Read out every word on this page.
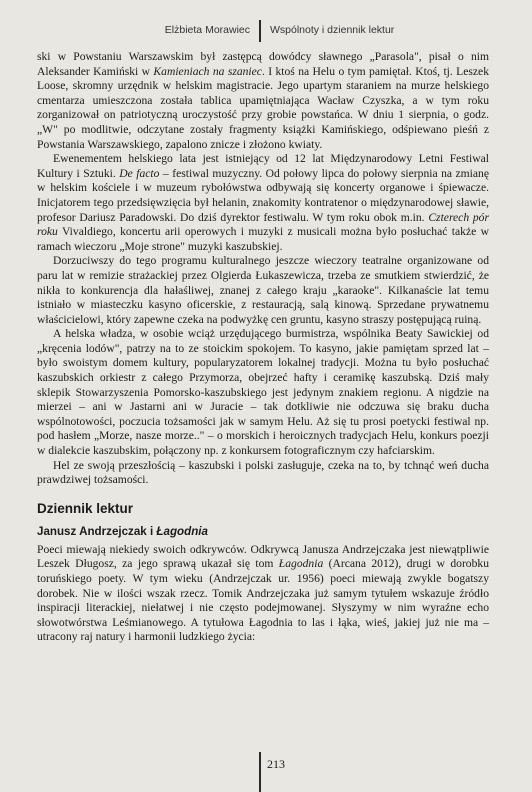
Elżbieta Morawiec Wspólnoty i dziennik lektur

ski w Powstaniu Warszawskim był zastępcą dowódcy sławnego „Parasola", pisał o nim Aleksander Kamiński w Kamieniach na szaniec. I ktoś na Helu o tym pamiętał. Ktoś, tj. Leszek Loose, skromny urzędnik w helskim magistracie. Jego upartym staraniem na murze helskiego cmentarza umieszczona została tablica upamiętniająca Wacław Czyszka, a w tym roku zorganizował on patriotyczną uroczystość przy grobie powstańca. W dniu 1 sierpnia, o godz. „W" po modlitwie, odczytane zostały fragmenty książki Kamińskiego, odśpiewano pieśń z Powstania Warszawskiego, zapalono znicze i złożono kwiaty.

Ewenementem helskiego lata jest istniejący od 12 lat Międzynarodowy Letni Festiwal Kultury i Sztuki. De facto – festiwal muzyczny. Od połowy lipca do połowy sierpnia na zmianę w helskim kościele i w muzeum rybołówstwa odbywają się koncerty organowe i śpiewacze. Inicjatorem tego przedsięwzięcia był helanin, znakomity kontratenor o międzynarodowej sławie, profesor Dariusz Paradowski. Do dziś dyrektor festiwalu. W tym roku obok m.in. Czterech pór roku Vivaldiego, koncertu arii operowych i muzyki z musicali można było posłuchać także w ramach wieczoru „Moje strone" muzyki kaszubskiej.

Dorzuciwszy do tego programu kulturalnego jeszcze wieczory teatralne organizowane od paru lat w remizie strażackiej przez Olgierda Łukaszewicza, trzeba ze smutkiem stwierdzić, że nikła to konkurencja dla hałaśliwej, znanej z całego kraju „karaoke". Kilkanaście lat temu istniało w miasteczku kasyno oficerskie, z restauracją, salą kinową. Sprzedane prywatnemu właścicielowi, który zapewne czeka na podwyżkę cen gruntu, kasyno straszy postępującą ruiną.

A helska władza, w osobie wciąż urzędującego burmistrza, wspólnika Beaty Sawickiej od „kręcenia lodów", patrzy na to ze stoickim spokojem. To kasyno, jakie pamiętam sprzed lat – było swoistym domem kultury, popularyzatorem lokalnej tradycji. Można tu było posłuchać kaszubskich orkiestr z całego Przymorza, obejrzeć hafty i ceramikę kaszubską. Dziś mały sklepik Stowarzyszenia Pomorsko-kaszubskiego jest jedynym znakiem regionu. A nigdzie na mierzei – ani w Jastarni ani w Juracie – tak dotkliwie nie odczuwa się braku ducha wspólnotowości, poczucia tożsamości jak w samym Helu. Aż się tu prosi poetycki festiwal np. pod hasłem „Morze, nasze morze.." – o morskich i heroicznych tradycjach Helu, konkurs poezji w dialekcie kaszubskim, połączony np. z konkursem fotograficznym czy hafciarskim.

Hel ze swoją przeszłością – kaszubski i polski zasługuje, czeka na to, by tchnąć weń ducha prawdziwej tożsamości.

Dziennik lektur
Janusz Andrzejczak i Łagodnia

Poeci miewają niekiedy swoich odkrywców. Odkrywcą Janusza Andrzejczaka jest niewątpliwie Leszek Długosz, za jego sprawą ukazał się tom Łagodnia (Arcana 2012), drugi w dorobku toruńskiego poety. W tym wieku (Andrzejczak ur. 1956) poeci miewają zwykle bogatszy dorobek. Nie w ilości wszak rzecz. Tomik Andrzejczaka już samym tytułem wskazuje źródło inspiracji literackiej, niełatwej i nie często podejmowanej. Słyszymy w nim wyraźne echo słowotwórstwa Leśmianowego. A tytułowa Łagodnia to las i łąka, wieś, jakiej już nie ma – utracony raj natury i harmonii ludzkiego życia:

213
